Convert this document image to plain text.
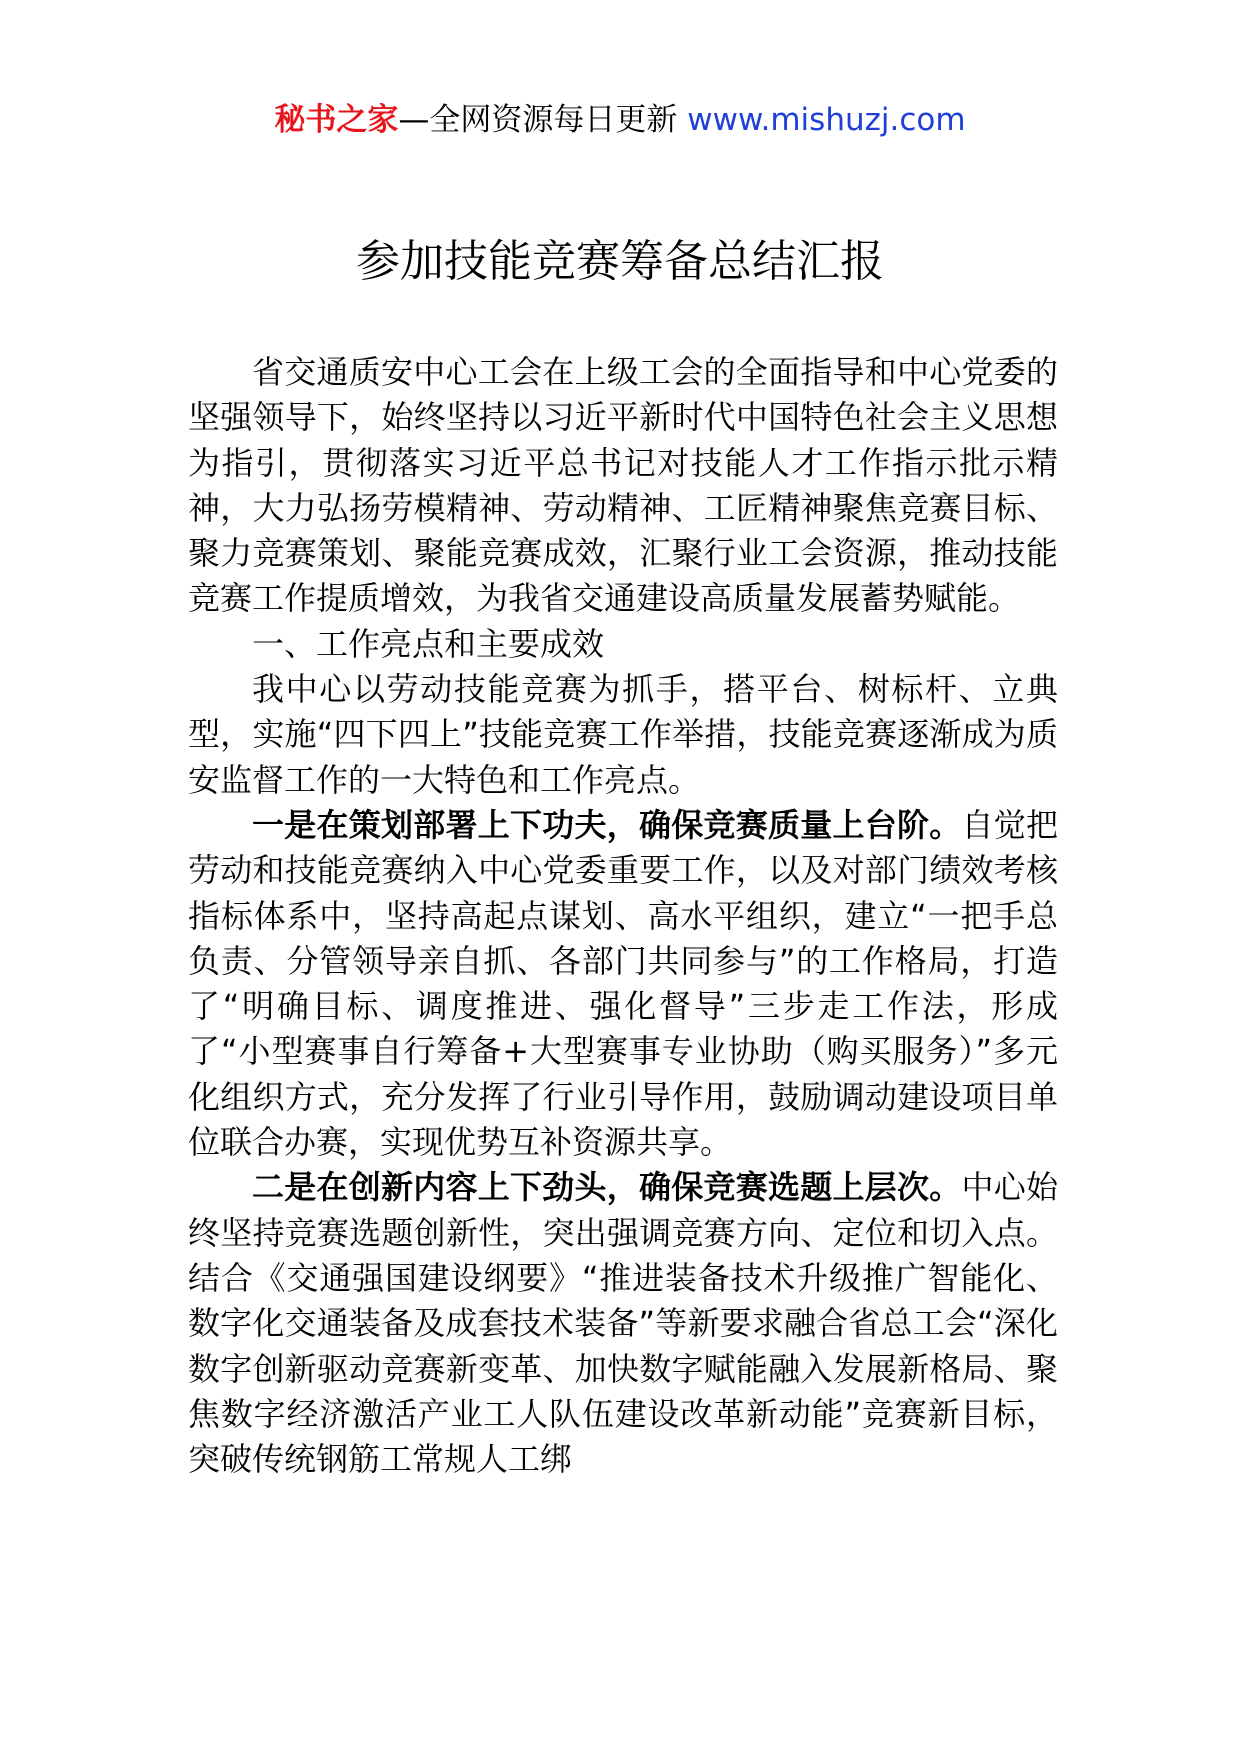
秘书之家—全网资源每日更新 www.mishuzj.com
参加技能竞赛筹备总结汇报

省交通质安中心工会在上级工会的全面指导和中心党委的坚强领导下，始终坚持以习近平新时代中国特色社会主义思想为指引，贯彻落实习近平总书记对技能人才工作指示批示精神，大力弘扬劳模精神、劳动精神、工匠精神聚焦竞赛目标、聚力竞赛策划、聚能竞赛成效，汇聚行业工会资源，推动技能竞赛工作提质增效，为我省交通建设高质量发展蓄势赋能。

一、工作亮点和主要成效

我中心以劳动技能竞赛为抓手，搭平台、树标杆、立典型，实施“四下四上”技能竞赛工作举措，技能竞赛逐渐成为质安监督工作的一大特色和工作亮点。

一是在策划部署上下功夫，确保竞赛质量上台阶。自觉把劳动和技能竞赛纳入中心党委重要工作，以及对部门绩效考核指标体系中，坚持高起点谋划、高水平组织，建立“一把手总负责、分管领导亲自抓、各部门共同参与”的工作格局，打造了“明确目标、调度推进、强化督导”三步走工作法，形成了“小型赛事自行筹备+大型赛事专业协助（购买服务）”多元化组织方式，充分发挥了行业引导作用，鼓励调动建设项目单位联合办赛，实现优势互补资源共享。

二是在创新内容上下劲头，确保竞赛选题上层次。中心始终坚持竞赛选题创新性，突出强调竞赛方向、定位和切入点。结合《交通强国建设纲要》“推进装备技术升级推广智能化、数字化交通装备及成套技术装备”等新要求融合省总工会“深化数字创新驱动竞赛新变革、加快数字赋能融入发展新格局、聚焦数字经济激活产业工人队伍建设改革新动能”竞赛新目标，突破传统钢筋工常规人工绑
